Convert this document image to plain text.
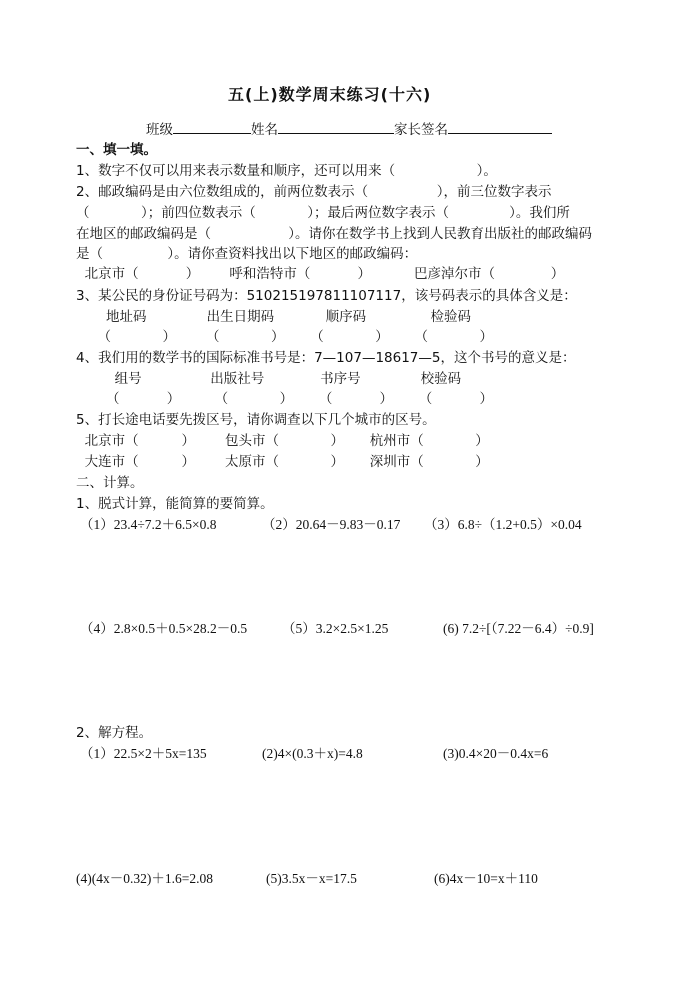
五(上)数学周末练习(十六)
班级	姓名	家长签名
一、填一填。
1、数字不仅可以用来表示数量和顺序，还可以用来（                   ）。
2、邮政编码是由六位数组成的，前两位数表示（                ），前三位数字表示
（            ）；前四位数表示（            ）；最后两位数字表示（              ）。我们所
在地区的邮政编码是（                  ）。请你在数学书上找到人民教育出版社的邮政编码
是（               ）。请你查资料找出以下地区的邮政编码：
北京市（           ）       呼和浩特市（           ）          巴彦淖尔市（             ）
3、某公民的身份证号码为：510215197811107117，该号码表示的具体含义是：
地址码              出生日期码            顺序码               检验码
（            ）       （            ）      （            ）      （            ）
4、我们用的数学书的国际标准书号是：7—107—18617—5，这个书号的意义是：
组号                出版社号             书序号              校验码
（           ）        （            ）      （           ）      （           ）
5、打长途电话要先拨区号，请你调查以下几个城市的区号。
北京市（          ）       包头市（            ）      杭州市（            ）
大连市（          ）       太原市（            ）      深圳市（            ）
二、计算。
1、脱式计算，能简算的要简算。
（1）23.4÷7.2＋6.5×0.8	（2）20.64－9.83－0.17 （3）6.8÷（1.2+0.5）×0.04
（4）2.8×0.5＋0.5×28.2－0.5	（5）3.2×2.5×1.25	(6) 7.2÷[（7.22－6.4）÷0.9]
2、解方程。
（1）22.5×2＋5x=135	(2)4×(0.3＋x)=4.8	(3)0.4×20－0.4x=6
(4)(4x－0.32)＋1.6=2.08	(5)3.5x－x=17.5	(6)4x－10=x＋110
